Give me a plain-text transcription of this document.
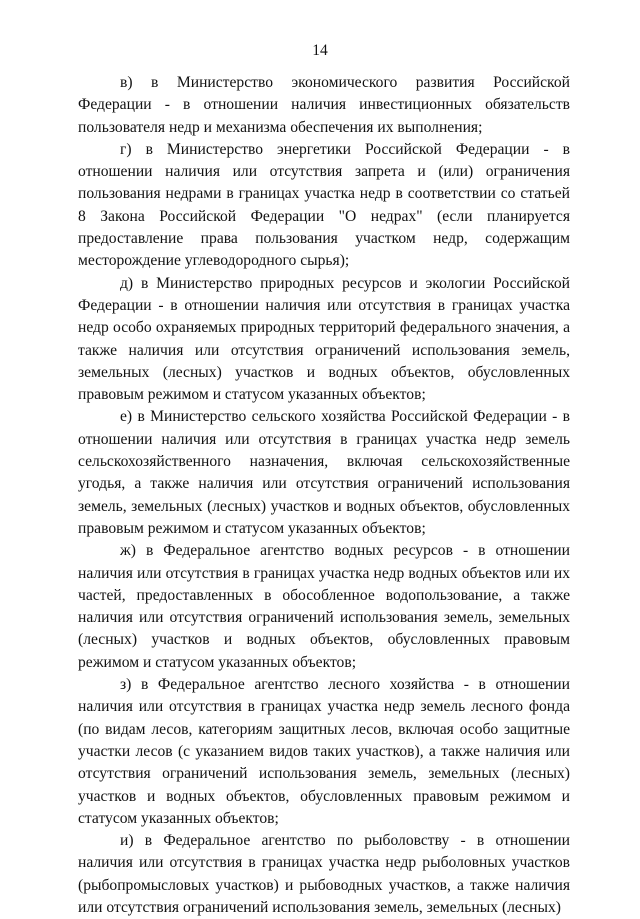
14

в) в Министерство экономического развития Российской Федерации - в отношении наличия инвестиционных обязательств пользователя недр и механизма обеспечения их выполнения;

г) в Министерство энергетики Российской Федерации - в отношении наличия или отсутствия запрета и (или) ограничения пользования недрами в границах участка недр в соответствии со статьей 8 Закона Российской Федерации "О недрах" (если планируется предоставление права пользования участком недр, содержащим месторождение углеводородного сырья);

д) в Министерство природных ресурсов и экологии Российской Федерации - в отношении наличия или отсутствия в границах участка недр особо охраняемых природных территорий федерального значения, а также наличия или отсутствия ограничений использования земель, земельных (лесных) участков и водных объектов, обусловленных правовым режимом и статусом указанных объектов;

е) в Министерство сельского хозяйства Российской Федерации - в отношении наличия или отсутствия в границах участка недр земель сельскохозяйственного назначения, включая сельскохозяйственные угодья, а также наличия или отсутствия ограничений использования земель, земельных (лесных) участков и водных объектов, обусловленных правовым режимом и статусом указанных объектов;

ж) в Федеральное агентство водных ресурсов - в отношении наличия или отсутствия в границах участка недр водных объектов или их частей, предоставленных в обособленное водопользование, а также наличия или отсутствия ограничений использования земель, земельных (лесных) участков и водных объектов, обусловленных правовым режимом и статусом указанных объектов;

з) в Федеральное агентство лесного хозяйства - в отношении наличия или отсутствия в границах участка недр земель лесного фонда (по видам лесов, категориям защитных лесов, включая особо защитные участки лесов (с указанием видов таких участков), а также наличия или отсутствия ограничений использования земель, земельных (лесных) участков и водных объектов, обусловленных правовым режимом и статусом указанных объектов;

и) в Федеральное агентство по рыболовству - в отношении наличия или отсутствия в границах участка недр рыболовных участков (рыбопромысловых участков) и рыбоводных участков, а также наличия или отсутствия ограничений использования земель, земельных (лесных)
